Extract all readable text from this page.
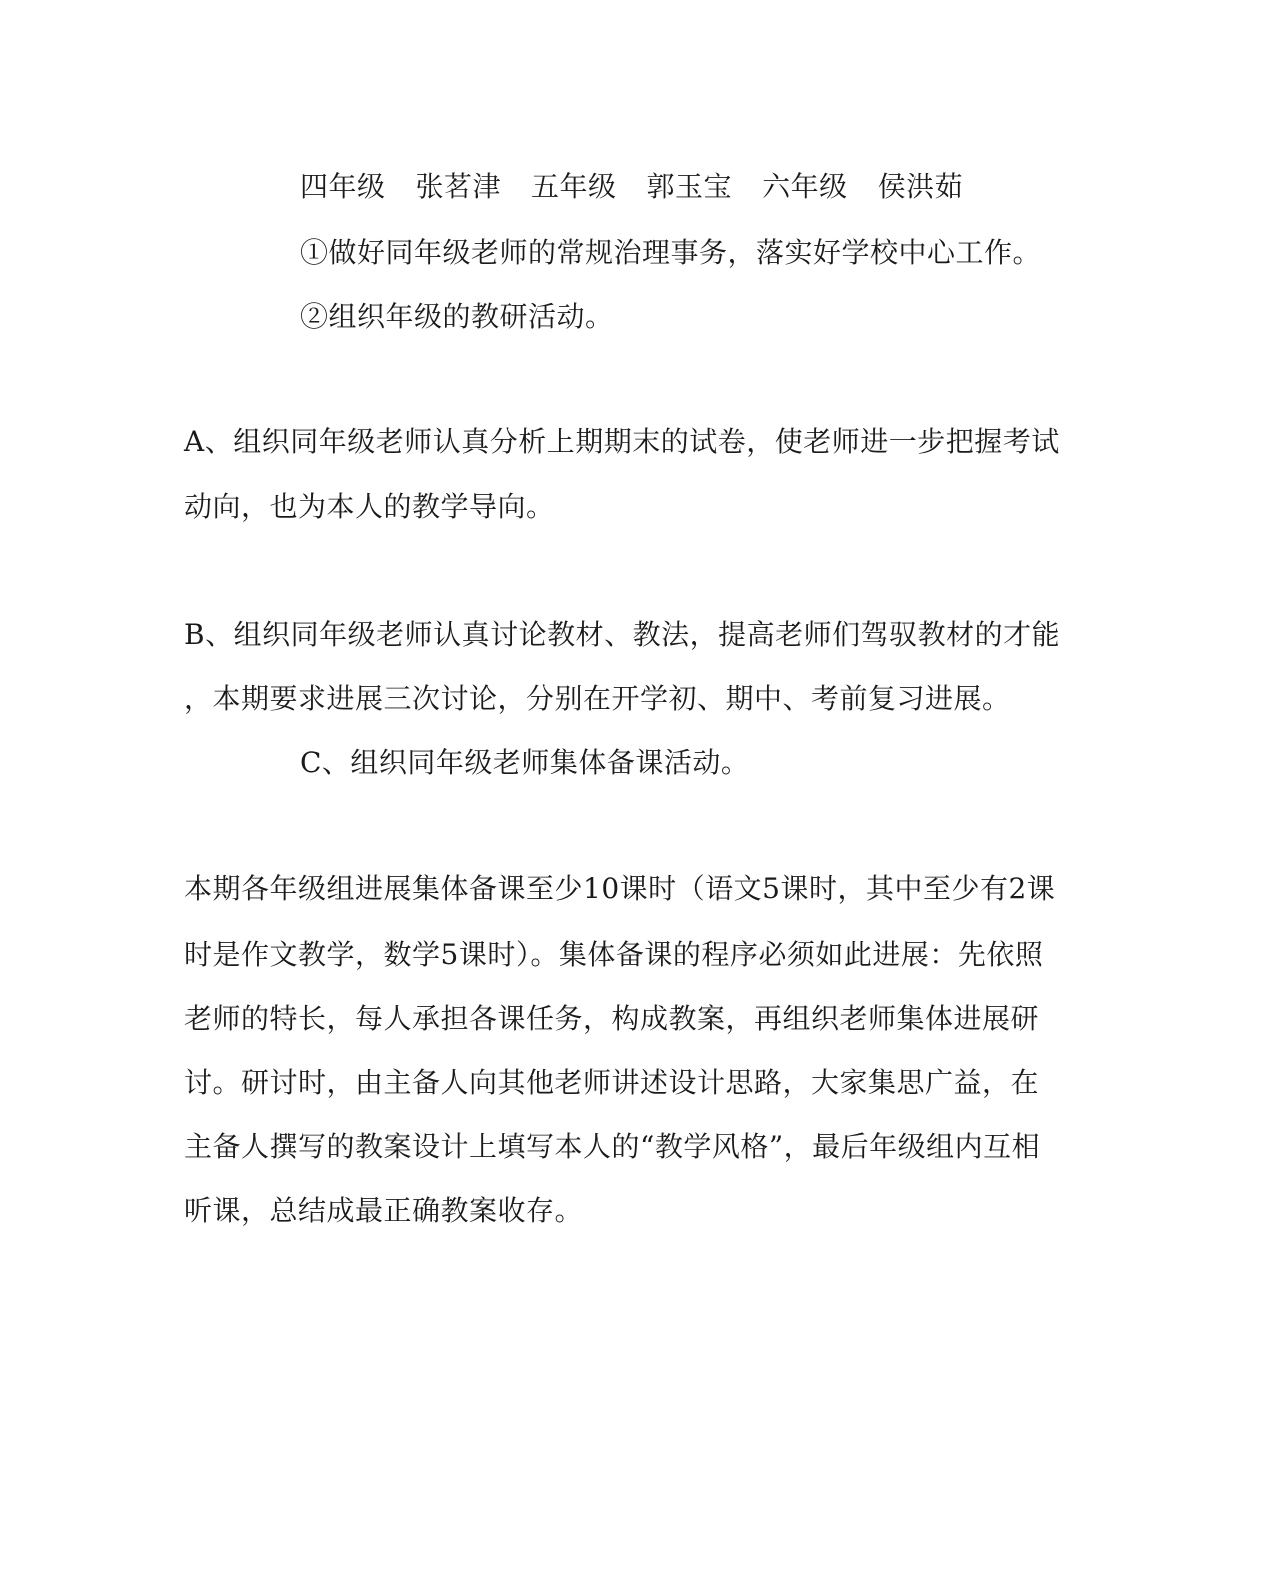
四年级 张茗津 五年级 郭玉宝 六年级 侯洪茹
①做好同年级老师的常规治理事务，落实好学校中心工作。
②组织年级的教研活动。
A、组织同年级老师认真分析上期期末的试卷，使老师进一步把握考试
动向，也为本人的教学导向。
B、组织同年级老师认真讨论教材、教法，提高老师们驾驭教材的才能
，本期要求进展三次讨论，分别在开学初、期中、考前复习进展。
C、组织同年级老师集体备课活动。
本期各年级组进展集体备课至少10课时（语文5课时，其中至少有2课
时是作文教学，数学5课时）。集体备课的程序必须如此进展：先依照
老师的特长，每人承担各课任务，构成教案，再组织老师集体进展研
讨。研讨时，由主备人向其他老师讲述设计思路，大家集思广益，在
主备人撰写的教案设计上填写本人的“教学风格”，最后年级组内互相
听课，总结成最正确教案收存。
